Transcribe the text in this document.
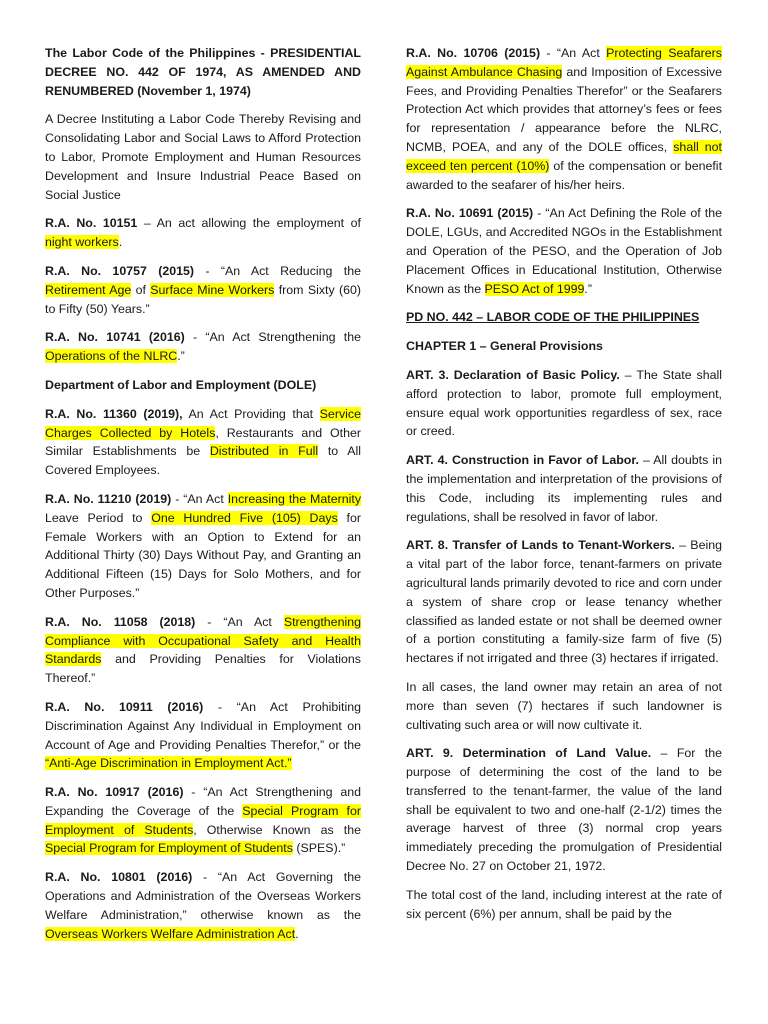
The Labor Code of the Philippines - PRESIDENTIAL DECREE NO. 442 OF 1974, AS AMENDED AND RENUMBERED (November 1, 1974)

A Decree Instituting a Labor Code Thereby Revising and Consolidating Labor and Social Laws to Afford Protection to Labor, Promote Employment and Human Resources Development and Insure Industrial Peace Based on Social Justice

R.A. No. 10151 – An act allowing the employment of night workers.

R.A. No. 10757 (2015) - “An Act Reducing the Retirement Age of Surface Mine Workers from Sixty (60) to Fifty (50) Years.”

R.A. No. 10741 (2016) - “An Act Strengthening the Operations of the NLRC.”

Department of Labor and Employment (DOLE)

R.A. No. 11360 (2019), An Act Providing that Service Charges Collected by Hotels, Restaurants and Other Similar Establishments be Distributed in Full to All Covered Employees.

R.A. No. 11210 (2019) - “An Act Increasing the Maternity Leave Period to One Hundred Five (105) Days for Female Workers with an Option to Extend for an Additional Thirty (30) Days Without Pay, and Granting an Additional Fifteen (15) Days for Solo Mothers, and for Other Purposes.”

R.A. No. 11058 (2018) - “An Act Strengthening Compliance with Occupational Safety and Health Standards and Providing Penalties for Violations Thereof.”

R.A. No. 10911 (2016) - “An Act Prohibiting Discrimination Against Any Individual in Employment on Account of Age and Providing Penalties Therefor,” or the “Anti-Age Discrimination in Employment Act.”

R.A. No. 10917 (2016) - “An Act Strengthening and Expanding the Coverage of the Special Program for Employment of Students, Otherwise Known as the Special Program for Employment of Students (SPES).”

R.A. No. 10801 (2016) - “An Act Governing the Operations and Administration of the Overseas Workers Welfare Administration,” otherwise known as the Overseas Workers Welfare Administration Act.

R.A. No. 10706 (2015) - “An Act Protecting Seafarers Against Ambulance Chasing and Imposition of Excessive Fees, and Providing Penalties Therefor” or the Seafarers Protection Act which provides that attorney’s fees or fees for representation / appearance before the NLRC, NCMB, POEA, and any of the DOLE offices, shall not exceed ten percent (10%) of the compensation or benefit awarded to the seafarer of his/her heirs.

R.A. No. 10691 (2015) - “An Act Defining the Role of the DOLE, LGUs, and Accredited NGOs in the Establishment and Operation of the PESO, and the Operation of Job Placement Offices in Educational Institution, Otherwise Known as the PESO Act of 1999.”

PD NO. 442 – LABOR CODE OF THE PHILIPPINES

CHAPTER 1 – General Provisions

ART. 3. Declaration of Basic Policy. – The State shall afford protection to labor, promote full employment, ensure equal work opportunities regardless of sex, race or creed.

ART. 4. Construction in Favor of Labor. – All doubts in the implementation and interpretation of the provisions of this Code, including its implementing rules and regulations, shall be resolved in favor of labor.

ART. 8. Transfer of Lands to Tenant-Workers. – Being a vital part of the labor force, tenant-farmers on private agricultural lands primarily devoted to rice and corn under a system of share crop or lease tenancy whether classified as landed estate or not shall be deemed owner of a portion constituting a family-size farm of five (5) hectares if not irrigated and three (3) hectares if irrigated.

In all cases, the land owner may retain an area of not more than seven (7) hectares if such landowner is cultivating such area or will now cultivate it.

ART. 9. Determination of Land Value. – For the purpose of determining the cost of the land to be transferred to the tenant-farmer, the value of the land shall be equivalent to two and one-half (2-1/2) times the average harvest of three (3) normal crop years immediately preceding the promulgation of Presidential Decree No. 27 on October 21, 1972.

The total cost of the land, including interest at the rate of six percent (6%) per annum, shall be paid by the
